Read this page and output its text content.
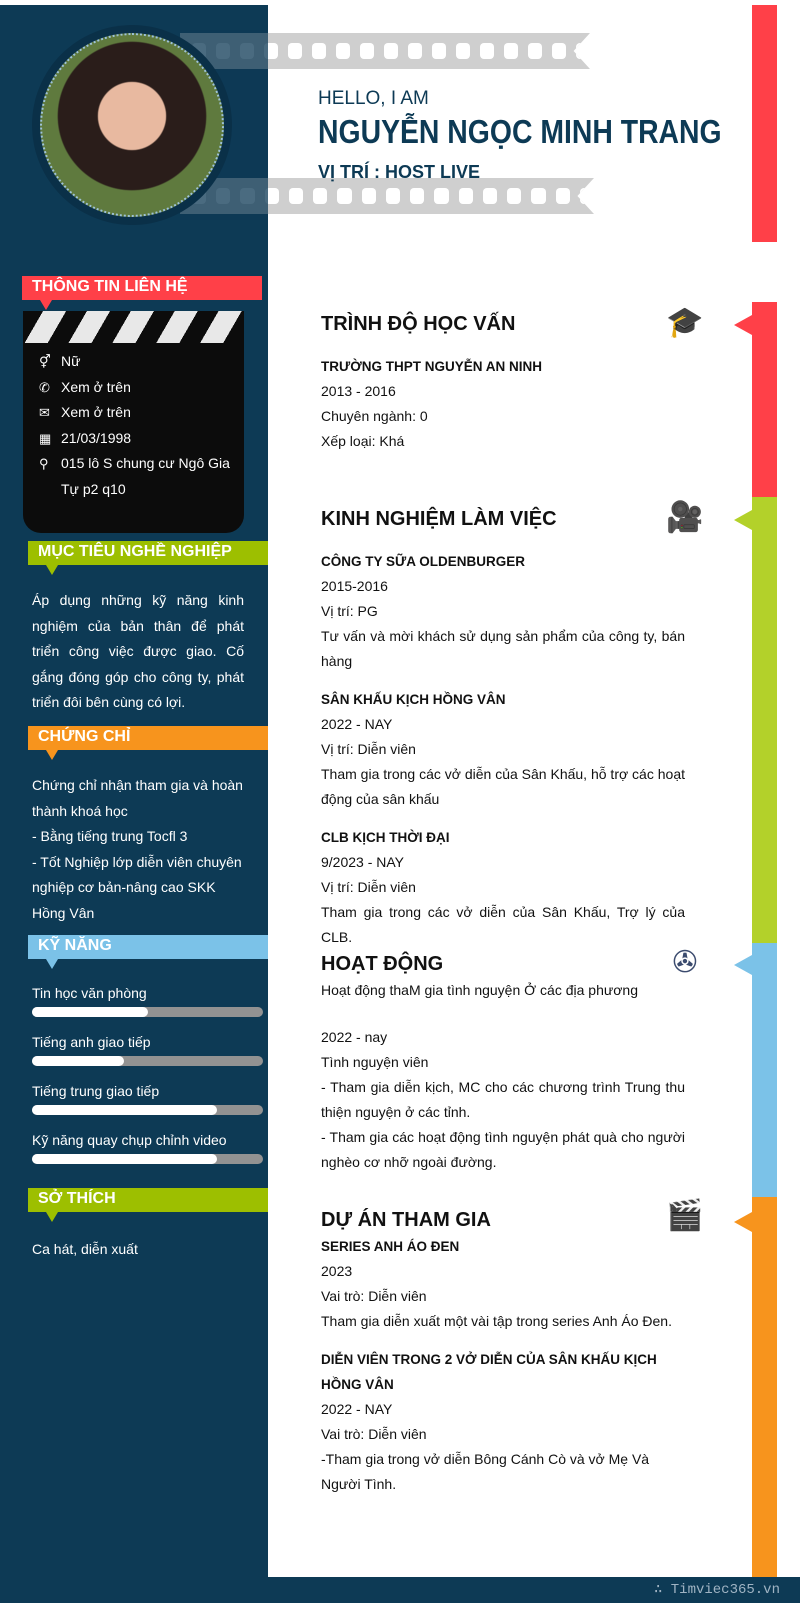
HELLO, I AM
NGUYỄN NGỌC MINH TRANG
VỊ TRÍ : HOST LIVE
THÔNG TIN LIÊN HỆ
⚥ Nữ
✆ Xem ở trên
✉ Xem ở trên
▦ 21/03/1998
⚲ 015 lô S chung cư Ngô Gia Tự p2 q10
MỤC TIÊU NGHỀ NGHIỆP
Áp dụng những kỹ năng kinh nghiệm của bản thân để phát triển công việc được giao. Cố gắng đóng góp cho công ty, phát triển đôi bên cùng có lợi.
CHỨNG CHỈ
Chứng chỉ nhận tham gia và hoàn thành khoá học
- Bằng tiếng trung Tocfl 3
- Tốt Nghiệp lớp diễn viên chuyên nghiệp cơ bản-nâng cao SKK Hồng Vân
KỸ NĂNG
Tin học văn phòng
Tiếng anh giao tiếp
Tiếng trung giao tiếp
Kỹ năng quay chụp chỉnh video
SỞ THÍCH
Ca hát, diễn xuất
🎓
TRÌNH ĐỘ HỌC VẤN
TRƯỜNG THPT NGUYỄN AN NINH
2013 - 2016
Chuyên ngành: 0
Xếp loại: Khá
🎥
KINH NGHIỆM LÀM VIỆC
CÔNG TY SỮA OLDENBURGER
2015-2016
Vị trí: PG
Tư vấn và mời khách sử dụng sản phẩm của công ty, bán hàng
SÂN KHẤU KỊCH HỒNG VÂN
2022 - NAY
Vị trí: Diễn viên
Tham gia trong các vở diễn của Sân Khấu, hỗ trợ các hoạt động của sân khấu
CLB KỊCH THỜI ĐẠI
9/2023 - NAY
Vị trí: Diễn viên
Tham gia trong các vở diễn của Sân Khấu, Trợ lý của CLB.
✇
HOẠT ĐỘNG
Hoạt động thaM gia tình nguyện Ở các địa phương
2022 - nay
Tình nguyện viên
- Tham gia diễn kịch, MC cho các chương trình Trung thu thiện nguyện ở các tỉnh.
- Tham gia các hoạt động tình nguyện phát quà cho người nghèo cơ nhỡ ngoài đường.
🎬
DỰ ÁN THAM GIA
SERIES ANH ÁO ĐEN
2023
Vai trò: Diễn viên
Tham gia diễn xuất một vài tập trong series Anh Áo Đen.
DIỄN VIÊN TRONG 2 VỞ DIỄN CỦA SÂN KHẤU KỊCH HỒNG VÂN
2022 - NAY
Vai trò: Diễn viên
-Tham gia trong vở diễn Bông Cánh Cò và vở Mẹ Và Người Tình.
∴ Timviec365.vn
